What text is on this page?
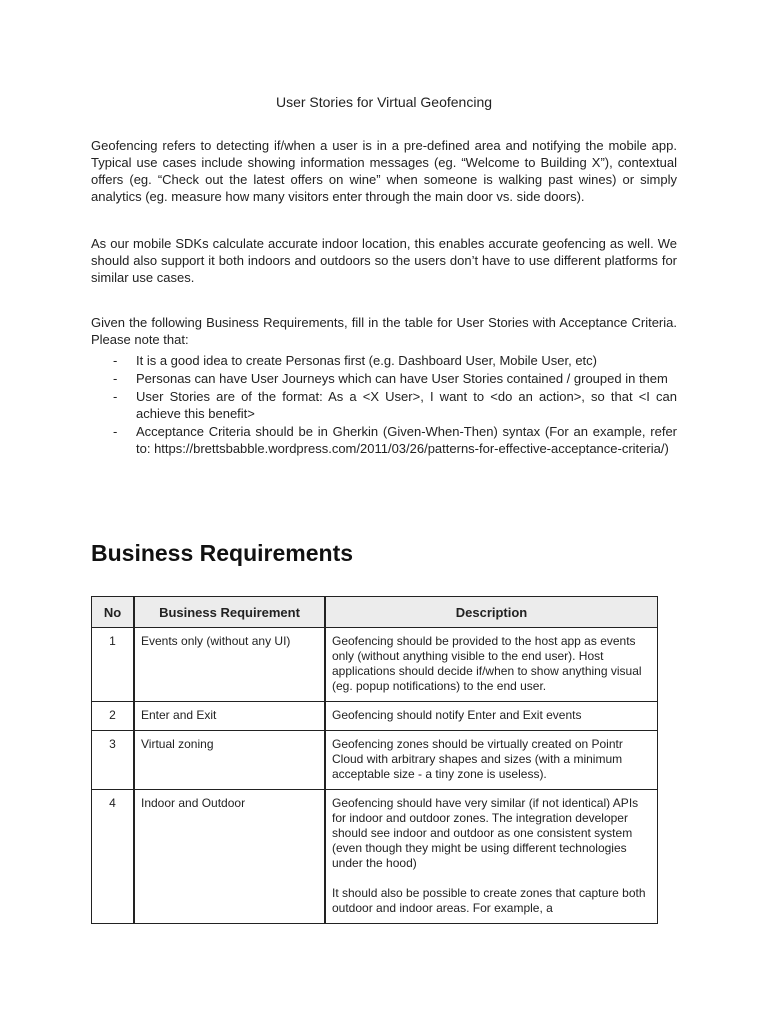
User Stories for Virtual Geofencing

Geofencing refers to detecting if/when a user is in a pre-defined area and notifying the mobile app. Typical use cases include showing information messages (eg. “Welcome to Building X”), contextual offers (eg. “Check out the latest offers on wine” when someone is walking past wines) or simply analytics (eg. measure how many visitors enter through the main door vs. side doors).

As our mobile SDKs calculate accurate indoor location, this enables accurate geofencing as well. We should also support it both indoors and outdoors so the users don’t have to use different platforms for similar use cases.

Given the following Business Requirements, fill in the table for User Stories with Acceptance Criteria. Please note that:

- It is a good idea to create Personas first (e.g. Dashboard User, Mobile User, etc)
- Personas can have User Journeys which can have User Stories contained / grouped in them
- User Stories are of the format: As a <X User>, I want to <do an action>, so that <I can achieve this benefit>
- Acceptance Criteria should be in Gherkin (Given-When-Then) syntax (For an example, refer to: https://brettsbabble.wordpress.com/2011/03/26/patterns-for-effective-acceptance-criteria/)
Business Requirements
No	Business Requirement	Description
1	Events only (without any UI)	Geofencing should be provided to the host app as events only (without anything visible to the end user). Host applications should decide if/when to show anything visual (eg. popup notifications) to the end user.

2	Enter and Exit	Geofencing should notify Enter and Exit events

3	Virtual zoning	Geofencing zones should be virtually created on Pointr Cloud with arbitrary shapes and sizes (with a minimum acceptable size - a tiny zone is useless).

4	Indoor and Outdoor	Geofencing should have very similar (if not identical) APIs for indoor and outdoor zones. The integration developer should see indoor and outdoor as one consistent system (even though they might be using different technologies under the hood)

It should also be possible to create zones that capture both outdoor and indoor areas. For example, a
